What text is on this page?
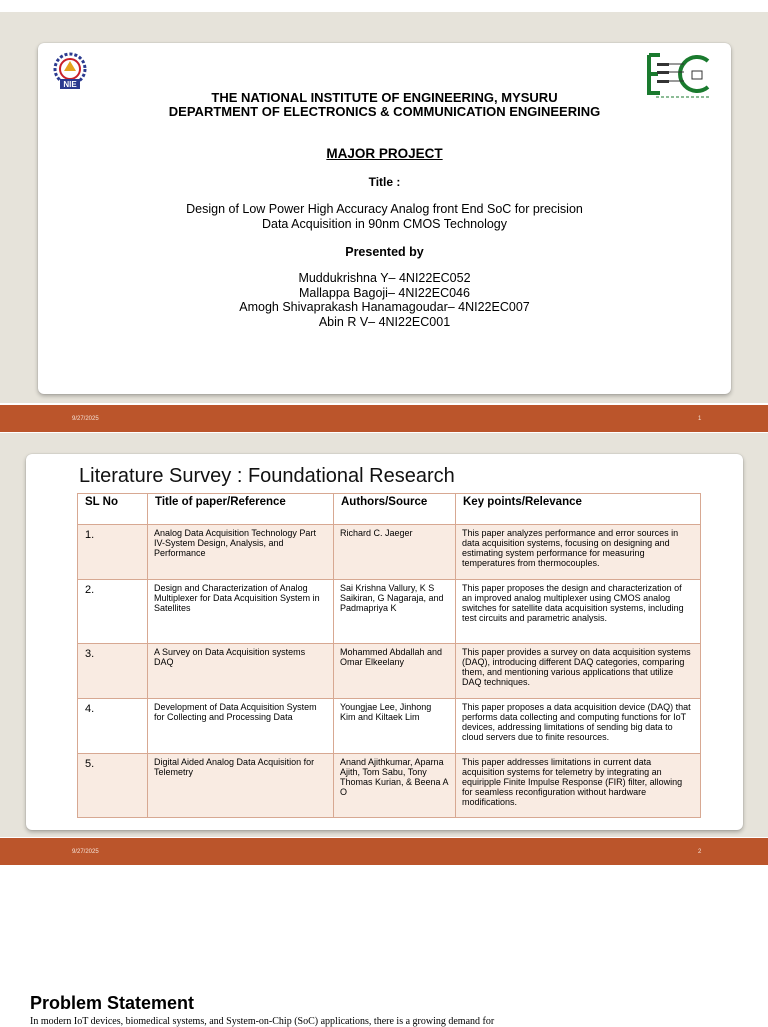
NIE
THE NATIONAL INSTITUTE OF ENGINEERING, MYSURU
DEPARTMENT OF ELECTRONICS & COMMUNICATION ENGINEERING
MAJOR PROJECT
Title :
Design of Low Power High Accuracy Analog front End SoC for precision
Data Acquisition in 90nm CMOS Technology
Presented by
Muddukrishna Y– 4NI22EC052
Mallappa Bagoji– 4NI22EC046
Amogh Shivaprakash Hanamagoudar– 4NI22EC007
Abin R V– 4NI22EC001
9/27/2025	1
Literature Survey : Foundational Research
SL No	Title of paper/Reference	Authors/Source	Key points/Relevance
1.	Analog Data Acquisition Technology Part IV-System Design, Analysis, and Performance	Richard C. Jaeger	This paper analyzes performance and error sources in data acquisition systems, focusing on designing and estimating system performance for measuring temperatures from thermocouples.
2.	Design and Characterization of Analog Multiplexer for Data Acquisition System in Satellites	Sai Krishna Vallury, K S Saikiran, G Nagaraja, and Padmapriya K	This paper proposes the design and characterization of an improved analog multiplexer using CMOS analog switches for satellite data acquisition systems, including test circuits and parametric analysis.
3.	A Survey on Data Acquisition systems DAQ	Mohammed Abdallah and Omar Elkeelany	This paper provides a survey on data acquisition systems (DAQ), introducing different DAQ categories, comparing them, and mentioning various applications that utilize DAQ techniques.
4.	Development of Data Acquisition System for Collecting and Processing Data	Youngjae Lee, Jinhong Kim and Kiltaek Lim	This paper proposes a data acquisition device (DAQ) that performs data collecting and computing functions for IoT devices, addressing limitations of sending big data to cloud servers due to finite resources.
5.	Digital Aided Analog Data Acquisition for Telemetry	Anand Ajithkumar, Aparna Ajith, Tom Sabu, Tony Thomas Kurian, & Beena A O	This paper addresses limitations in current data acquisition systems for telemetry by integrating an equiripple Finite Impulse Response (FIR) filter, allowing for seamless reconfiguration without hardware modifications.
9/27/2025	2
Problem Statement
In modern IoT devices, biomedical systems, and System-on-Chip (SoC) applications, there is a growing demand for
